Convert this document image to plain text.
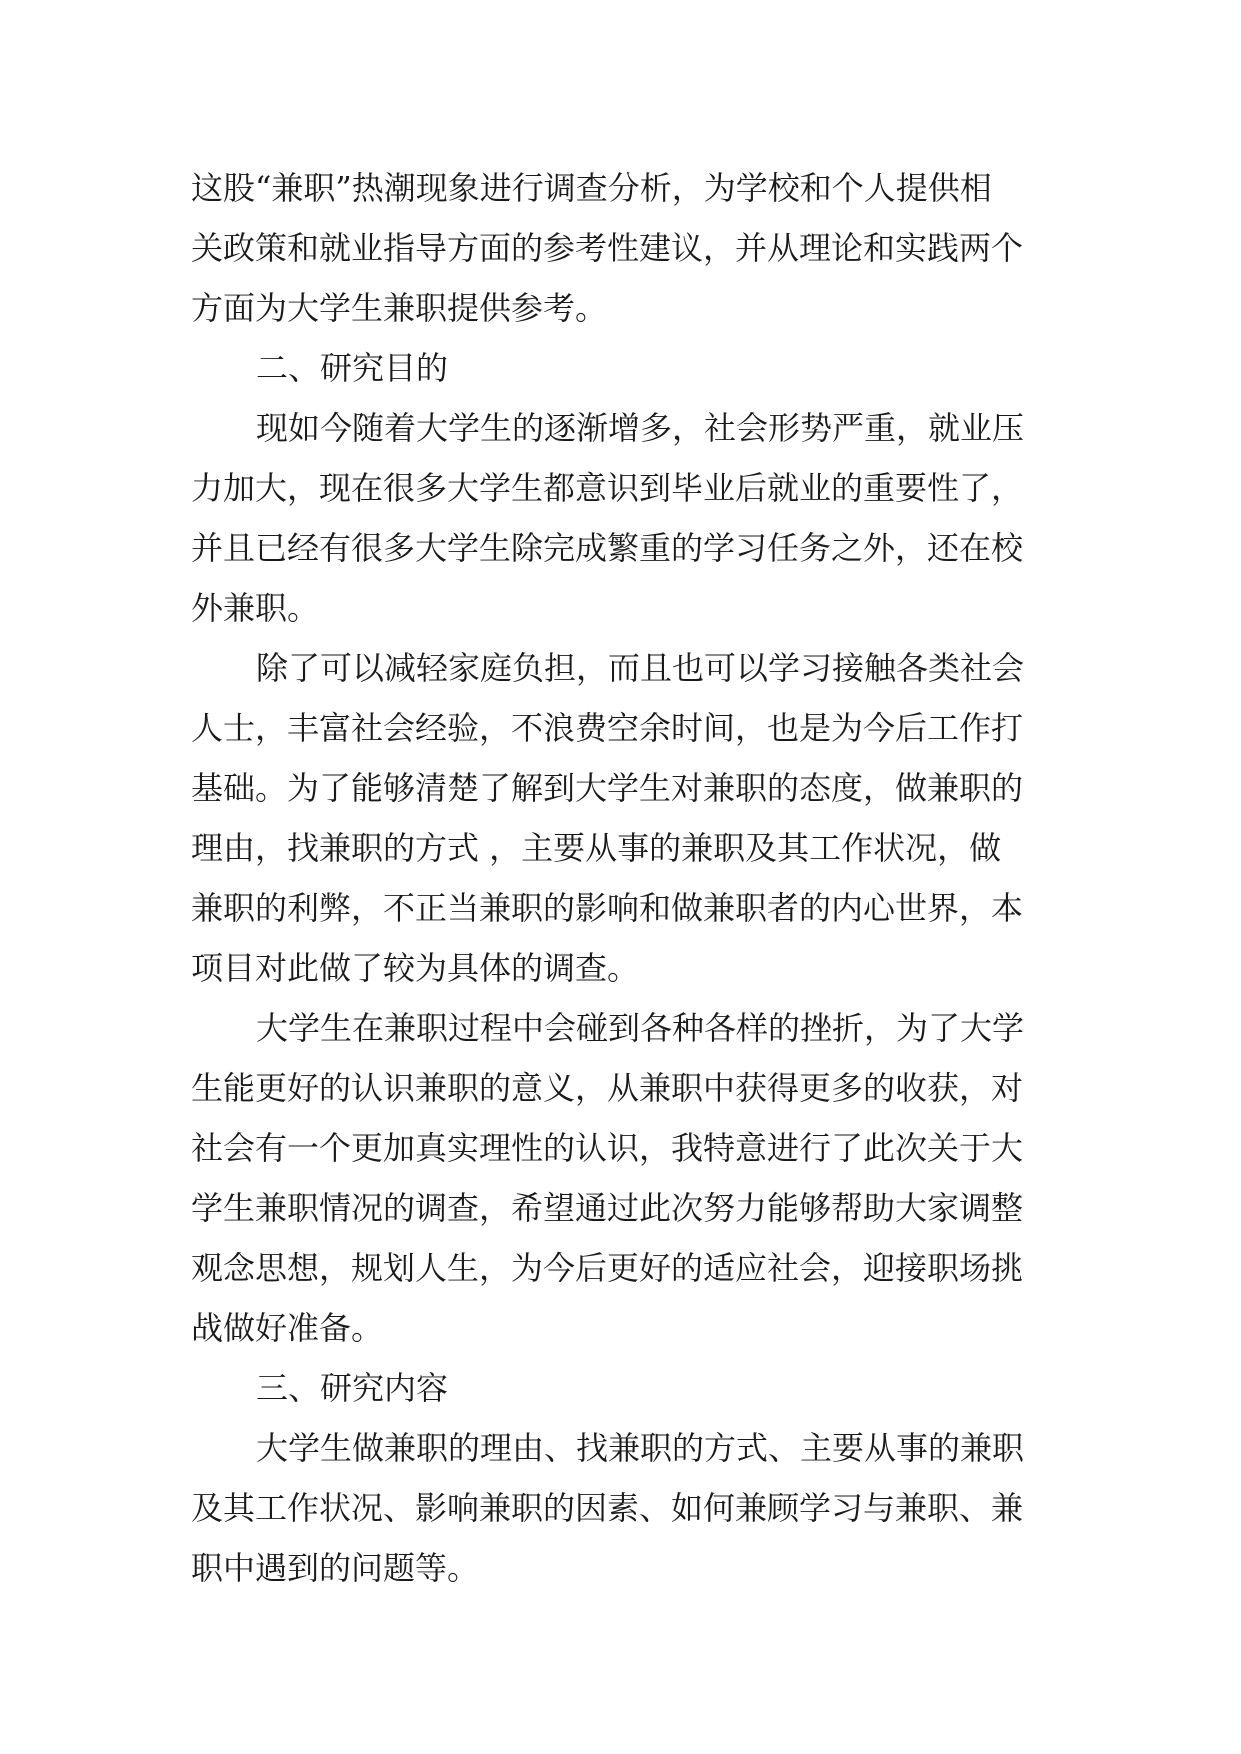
这股“兼职”热潮现象进行调查分析，为学校和个人提供相
关政策和就业指导方面的参考性建议，并从理论和实践两个
方面为大学生兼职提供参考。
二、研究目的
现如今随着大学生的逐渐增多，社会形势严重，就业压
力加大，现在很多大学生都意识到毕业后就业的重要性了，
并且已经有很多大学生除完成繁重的学习任务之外，还在校
外兼职。
除了可以减轻家庭负担，而且也可以学习接触各类社会
人士，丰富社会经验，不浪费空余时间，也是为今后工作打
基础。为了能够清楚了解到大学生对兼职的态度，做兼职的
理由，找兼职的方式 ，主要从事的兼职及其工作状况，做
兼职的利弊，不正当兼职的影响和做兼职者的内心世界，本
项目对此做了较为具体的调查。
大学生在兼职过程中会碰到各种各样的挫折，为了大学
生能更好的认识兼职的意义，从兼职中获得更多的收获，对
社会有一个更加真实理性的认识，我特意进行了此次关于大
学生兼职情况的调查，希望通过此次努力能够帮助大家调整
观念思想，规划人生，为今后更好的适应社会，迎接职场挑
战做好准备。
三、研究内容
大学生做兼职的理由、找兼职的方式、主要从事的兼职
及其工作状况、影响兼职的因素、如何兼顾学习与兼职、兼
职中遇到的问题等。
